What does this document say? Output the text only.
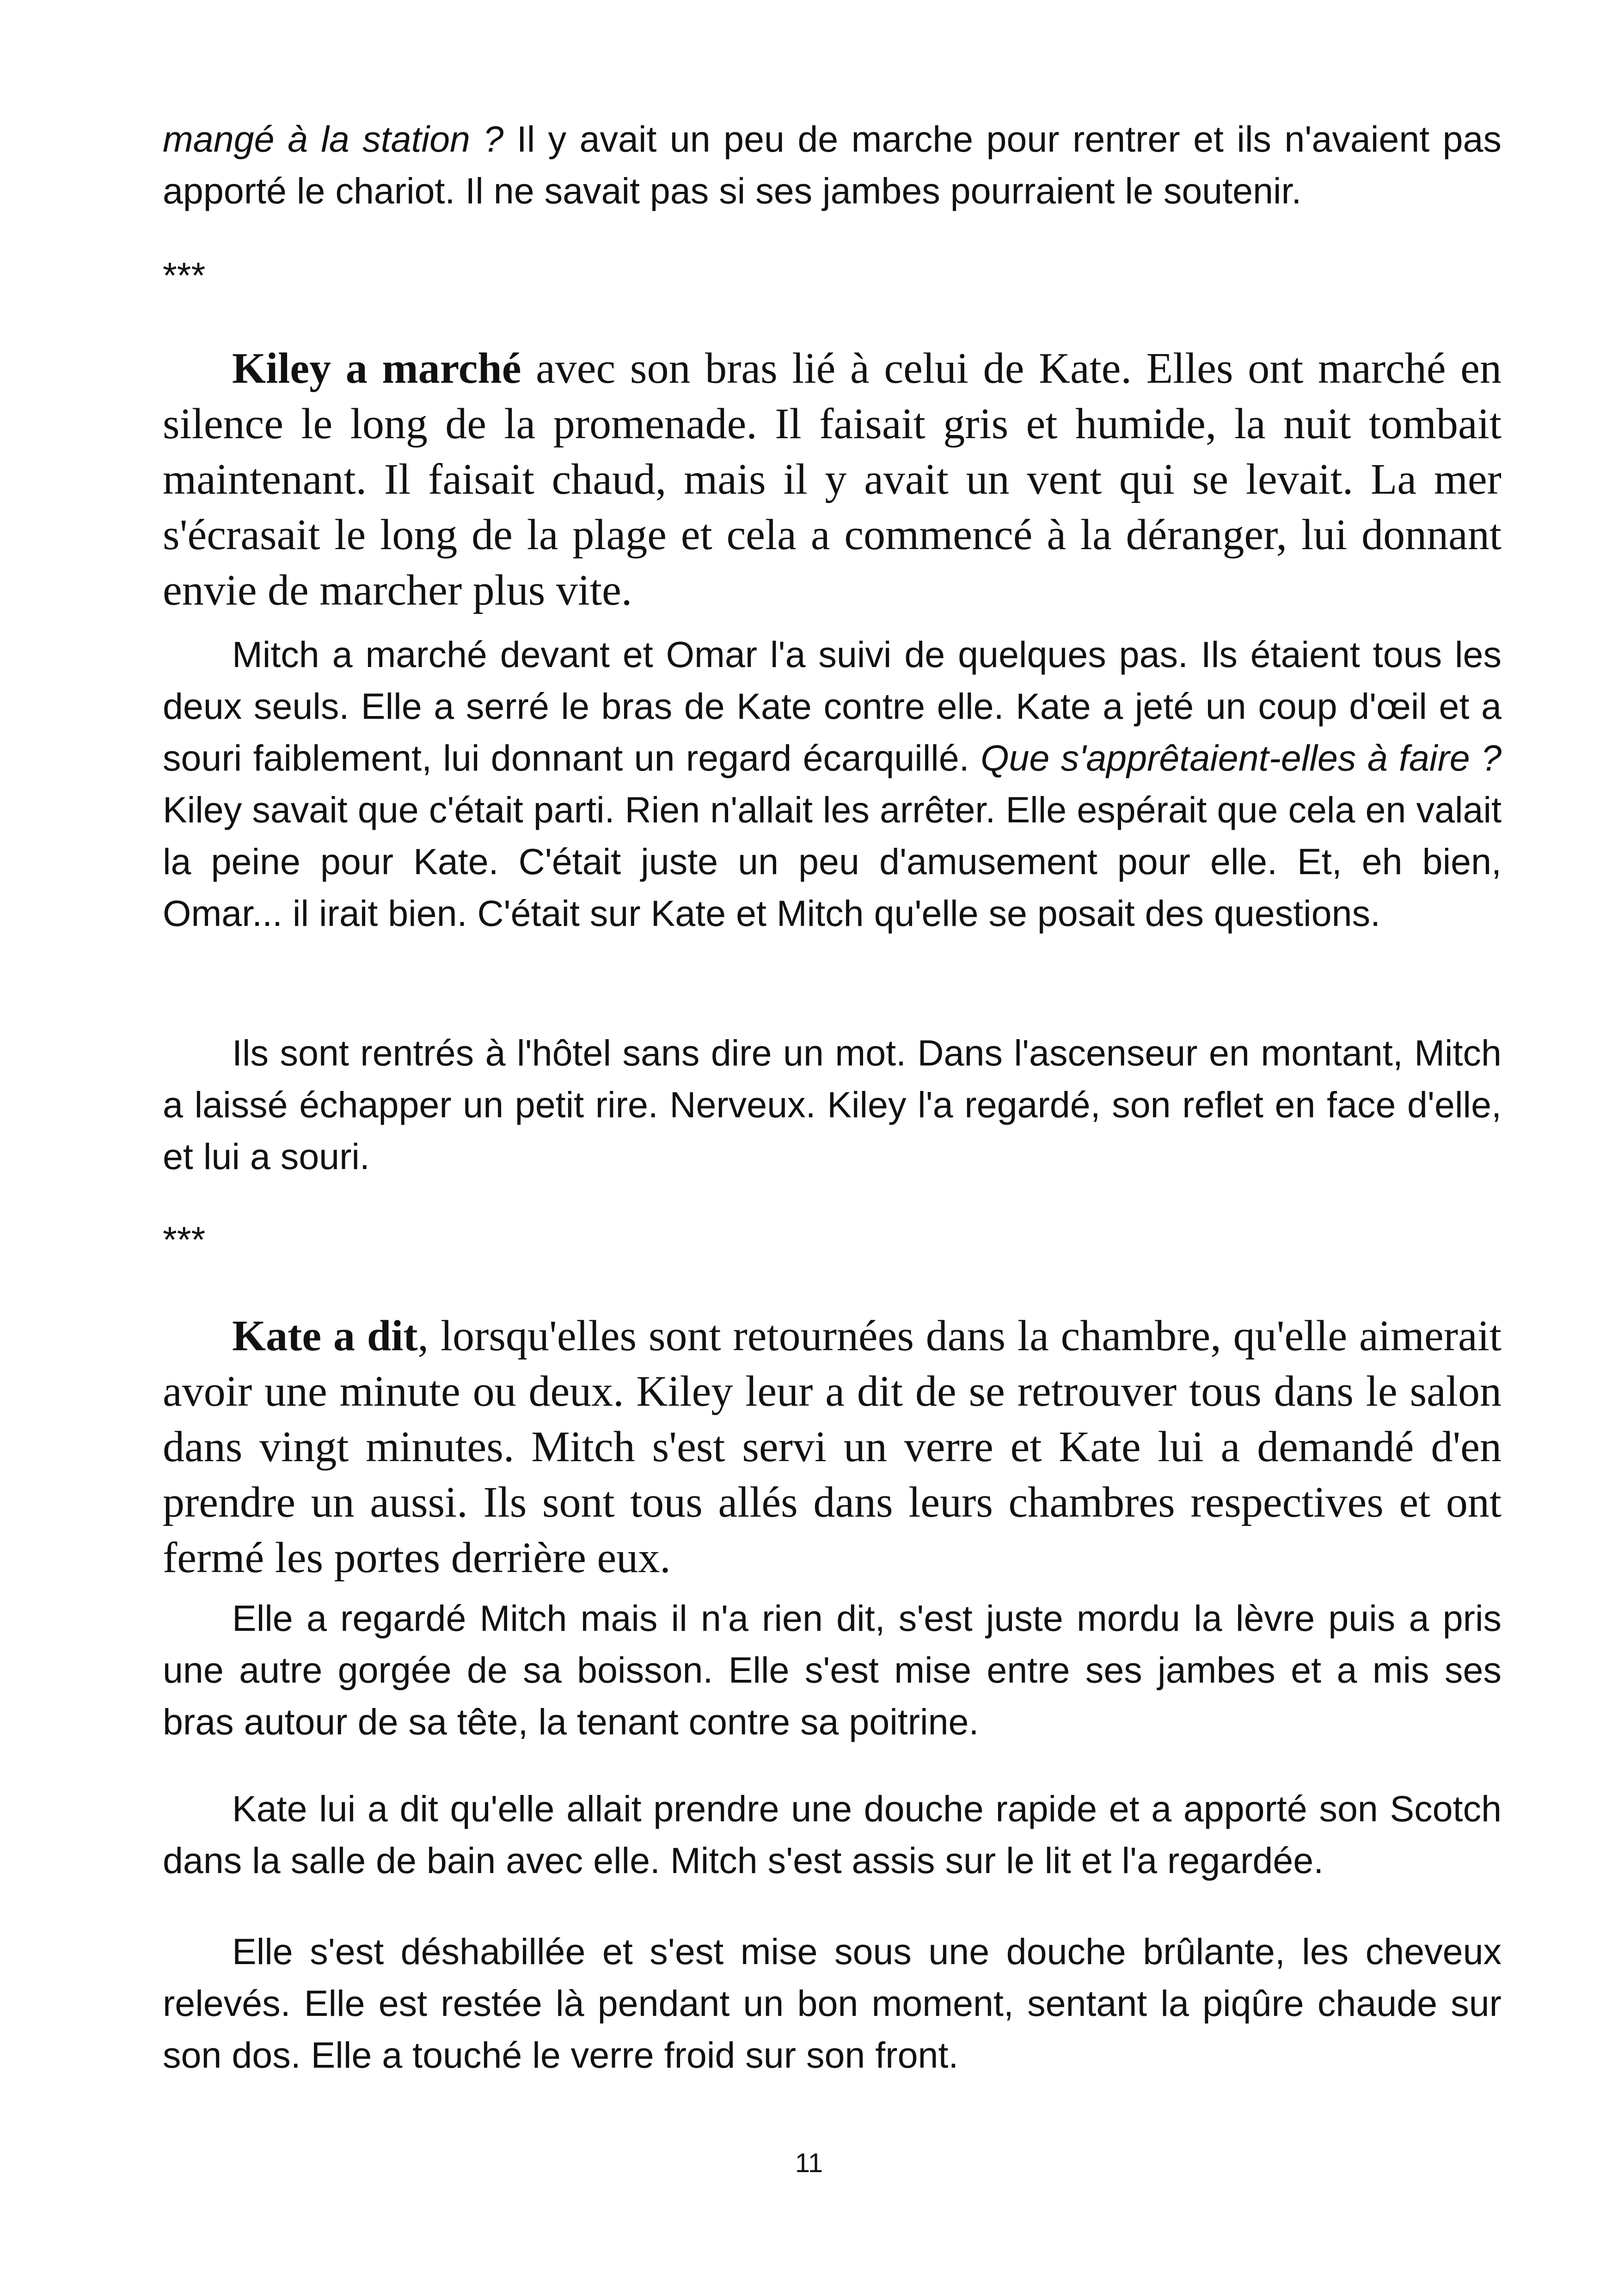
mangé à la station ? Il y avait un peu de marche pour rentrer et ils n'avaient pas apporté le chariot. Il ne savait pas si ses jambes pourraient le soutenir.

***

Kiley a marché avec son bras lié à celui de Kate. Elles ont marché en silence le long de la promenade. Il faisait gris et humide, la nuit tombait maintenant. Il faisait chaud, mais il y avait un vent qui se levait. La mer s'écrasait le long de la plage et cela a commencé à la déranger, lui donnant envie de marcher plus vite.

Mitch a marché devant et Omar l'a suivi de quelques pas. Ils étaient tous les deux seuls. Elle a serré le bras de Kate contre elle. Kate a jeté un coup d'œil et a souri faiblement, lui donnant un regard écarquillé. Que s'apprêtaient-elles à faire ? Kiley savait que c'était parti. Rien n'allait les arrêter. Elle espérait que cela en valait la peine pour Kate. C'était juste un peu d'amusement pour elle. Et, eh bien, Omar... il irait bien. C'était sur Kate et Mitch qu'elle se posait des questions.

Ils sont rentrés à l'hôtel sans dire un mot. Dans l'ascenseur en montant, Mitch a laissé échapper un petit rire. Nerveux. Kiley l'a regardé, son reflet en face d'elle, et lui a souri.

***

Kate a dit, lorsqu'elles sont retournées dans la chambre, qu'elle aimerait avoir une minute ou deux. Kiley leur a dit de se retrouver tous dans le salon dans vingt minutes. Mitch s'est servi un verre et Kate lui a demandé d'en prendre un aussi. Ils sont tous allés dans leurs chambres respectives et ont fermé les portes derrière eux.

Elle a regardé Mitch mais il n'a rien dit, s'est juste mordu la lèvre puis a pris une autre gorgée de sa boisson. Elle s'est mise entre ses jambes et a mis ses bras autour de sa tête, la tenant contre sa poitrine.

Kate lui a dit qu'elle allait prendre une douche rapide et a apporté son Scotch dans la salle de bain avec elle. Mitch s'est assis sur le lit et l'a regardée.

Elle s'est déshabillée et s'est mise sous une douche brûlante, les cheveux relevés. Elle est restée là pendant un bon moment, sentant la piqûre chaude sur son dos. Elle a touché le verre froid sur son front.

11
